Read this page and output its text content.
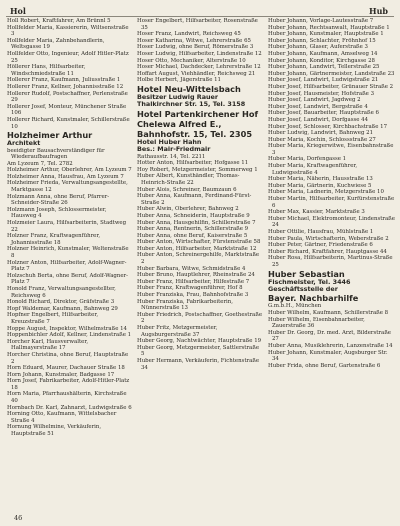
Hol	Hub
Holl Robert, Kraftfahrer, Am Brünnl 5
Hollfelder Maria, Kassiererin, Wiltsenstraße 3
Hollfelder Maria, Zahnbehandlerin, Weltsgasse 19
Hollfelder Otto, Ingenieur, Adolf Hitler-Platz 25
Höllerer Hans, Hilfsarbeiter, Windschmiedstraße 11
Hollerer Franz, Kaufmann, Juliusstraße 1
Hollerer Franz, Kellner, Johannisstraße 12
Hollerer Rudolf, Postschaffner, Perlenstraße 29
Hollerer Josef, Monteur, Münchener Straße 106
Hollerer Richard, Kunstmaler, Schillerstraße 10
Holzheimer Arthur
Architekt
beeidigter Bausachverständiger für Wiederaufbaufragen
Am Lyzeum 7, Tel. 2782
Holzheimer Arthur, Oberlehrer, Am Lyzeum 7
Holzheimer Anna, Hausfrau, Am Lyzeum 7
Holzheimer Frieda, Verwaltungsangestellte, Marktgasse 12
Holzmann Anna, ohne Beruf, Pfarrer-Schneider-Straße 26
Holzmann Joseph, Schlossermeister, Hausweg 4
Holzmeier Laura, Hilfsarbeiterin, Stadtweg 22
Holzner Franz, Kraftwagenführer, Johannisstraße 18
Holzner Heinrich, Kunstmaler, Weltenstraße 8
Holzner Anton, Hilfsarbeiter, Adolf-Wagner-Platz 7
Holzschuh Berta, ohne Beruf, Adolf-Wagner-Platz 7
Honold Franz, Verwaltungsangestellter, Reichsweg 6
Honold Richard, Direktor, Gräfstraße 3
Hopf Waldemar, Kaufmann, Bahnweg 29
Hopfner Engelbert, Hilfsarbeiter, Kreuzstraße 7
Hoppe August, Inspektor, Wilhelmstraße 14
Hoppenbichler Adolf, Kellner, Lindenstraße 1
Horcher Karl, Hausverwalter, Hallmayerstraße 17
Horcher Christina, ohne Beruf, Hauptstraße 2
Horn Eduard, Maurer, Dachauer Straße 18
Horn Johann, Kunstmaler, Badgasse 17
Horn Josef, Fabrikarbeiter, Adolf-Hitler-Platz 18
Horn Maria, Pfarrhaushälterin, Kirchstraße 40
Hornbach Dr. Karl, Zahnarzt, Ludwigstraße 6
Horning Otto, Kaufmann, Wittelsbacher Straße 4
Hornung Wilhelmine, Verkäuferin, Hauptstraße 51
Hoser Engelbert, Hilfsarbeiter, Rosenstraße 35
Hoser Franz, Landwirt, Reichsweg 45
Hoser Katharina, Witwe, Lehrerstraße 65
Hoser Ludwig, ohne Beruf, Römerstraße 3
Hoser Ludwig, Hilfsarbeiter, Lindenstraße 12
Hoser Otto, Mechaniker, Alterstraße 10
Hoser Michael, Dachdecker, Lehrerstraße 12
Hoffart August, Viehhändler, Reichsweg 21
Holbe Herbert, Jägerstraße 11
Hotel Neu-Wittelsbach
Besitzer Ludwig Rauer
Thalkirchner Str. 15, Tel. 3158
Hotel Partenkirchener Hof
Chelewa Alfred E.,
Bahnhofstr. 15, Tel. 2305
Hotel Huber Hahn
Bes.: Mair-Friedmair
Rathausstr. 14, Tel. 2211
Hotter Anton, Hilfsarbeiter, Hofgasse 11
Hoy Robert, Metzgermeister, Sommerweg 1
Huber Albert, Kunsthändler, Thomas-Heinrich-Straße 22
Huber Alois, Schreiner, Baumzaun 6
Huber Anna, Kaufmann, Ferdinand-Fürst-Straße 2
Huber Alwin, Oberlehrer, Bahnweg 2
Huber Anna, Schneiderin, Hauptstraße 9
Huber Anna, Hausgehilfin, Schillerstraße 7
Huber Anna, Rentnerin, Schillerstraße 9
Huber Anna, ohne Beruf, Kaiserstraße 5
Huber Anton, Wirtschafter, Fürstenstraße 58
Huber Anton, Hilfsarbeiter, Marktstraße 12
Huber Anton, Schreinergehilfe, Marktstraße 2
Huber Barbara, Witwe, Schmidstraße 4
Huber Bruno, Hauptlehrer, Rheinstraße 24
Huber Franz, Hilfsarbeiter, Hilfestraße 7
Huber Franz, Kraftwagenführer, Hof 8
Huber Franziska, Frau, Bahnhofstraße 3
Huber Franziska, Fabrikarbeiterin, Nünnerstraße 13
Huber Friedrich, Postschaffner, Goethestraße 2
Huber Fritz, Metzgermeister, Augsburgerstraße 37
Huber Georg, Nachtwächter, Hauptstraße 19
Huber Georg, Metzgermeister, Sattlerstraße 5
Huber Hermann, Verkäuferin, Fichtenstraße 34
Huber Johann, Vorlage-Lautesstraße 7
Huber Johann, Rechtsanwalt, Hauptstraße 1
Huber Johann, Kunstmaler, Hauptstraße 1
Huber Johann, Schlachter, Fröhnhof 15
Huber Johann, Glaser, Auferstraße 3
Huber Johann, Kaufmann, Amselweg 14
Huber Johann, Konditor, Kirchgasse 28
Huber Johann, Landwirt, Tellerstraße 25
Huber Johann, Gärtnermeister, Landstraße 23
Huber Josef, Landwirt, Ludwigstraße 21
Huber Josef, Hilfsarbeiter, Grünauer Straße 2
Huber Josef, Hausmeister, Hofstraße 3
Huber Josef, Landwirt, Jagdweg 2
Huber Josef, Landwirt, Bergstraße 4
Huber Josef, Bauarbeiter, Hauptstraße 6
Huber Josef, Landwirt, Dorfgasse 44
Huber Josef, Schlosser, Kirchbachstraße 17
Huber Ludwig, Landwirt, Bahnweg 21
Huber Maria, Kochin, Schlossstraße 27
Huber Maria, Kriegerwitwe, Eisenbahnstraße 3
Huber Maria, Dorfengasse 1
Huber Maria, Kraftwagenführer, Ludwigsstraße 4
Huber Maria, Näherin, Hausstraße 13
Huber Maria, Gärtnerin, Kuchwiese 5
Huber Maria, Ladnerin, Metzgerstraße 10
Huber Martin, Hilfsarbeiter, Kurfürstenstraße 6
Huber Max, Kassier, Marktstraße 3
Huber Michael, Elektromonteur, Lindenstraße 24
Huber Ottilie, Hausfrau, Mühlstraße 1
Huber Paula, Wirtschafterin, Weberstraße 2
Huber Peter, Gärtner, Friedenstraße 6
Huber Richard, Kraftfahrer, Hauptgasse 44
Huber Rosa, Hilfsarbeiterin, Martinus-Straße 25
Huber Sebastian
Fischmeister, Tel. 3446
Geschäftsstelle der
Bayer. Nachbarhilfe
G.m.b.H., München
Huber Wilhelm, Kaufmann, Schillerstraße 8
Huber Wilhelm, Eisenbahnarbeiter, Zauerstraße 36
Huber Dr. Georg, Dr. med. Arzt, Bilderstraße 27
Huber Anna, Musiklehrerin, Lanzenstraße 14
Huber Johann, Kunstmaler, Augsburger Str. 34
Huber Frida, ohne Beruf, Gartenstraße 6
46
